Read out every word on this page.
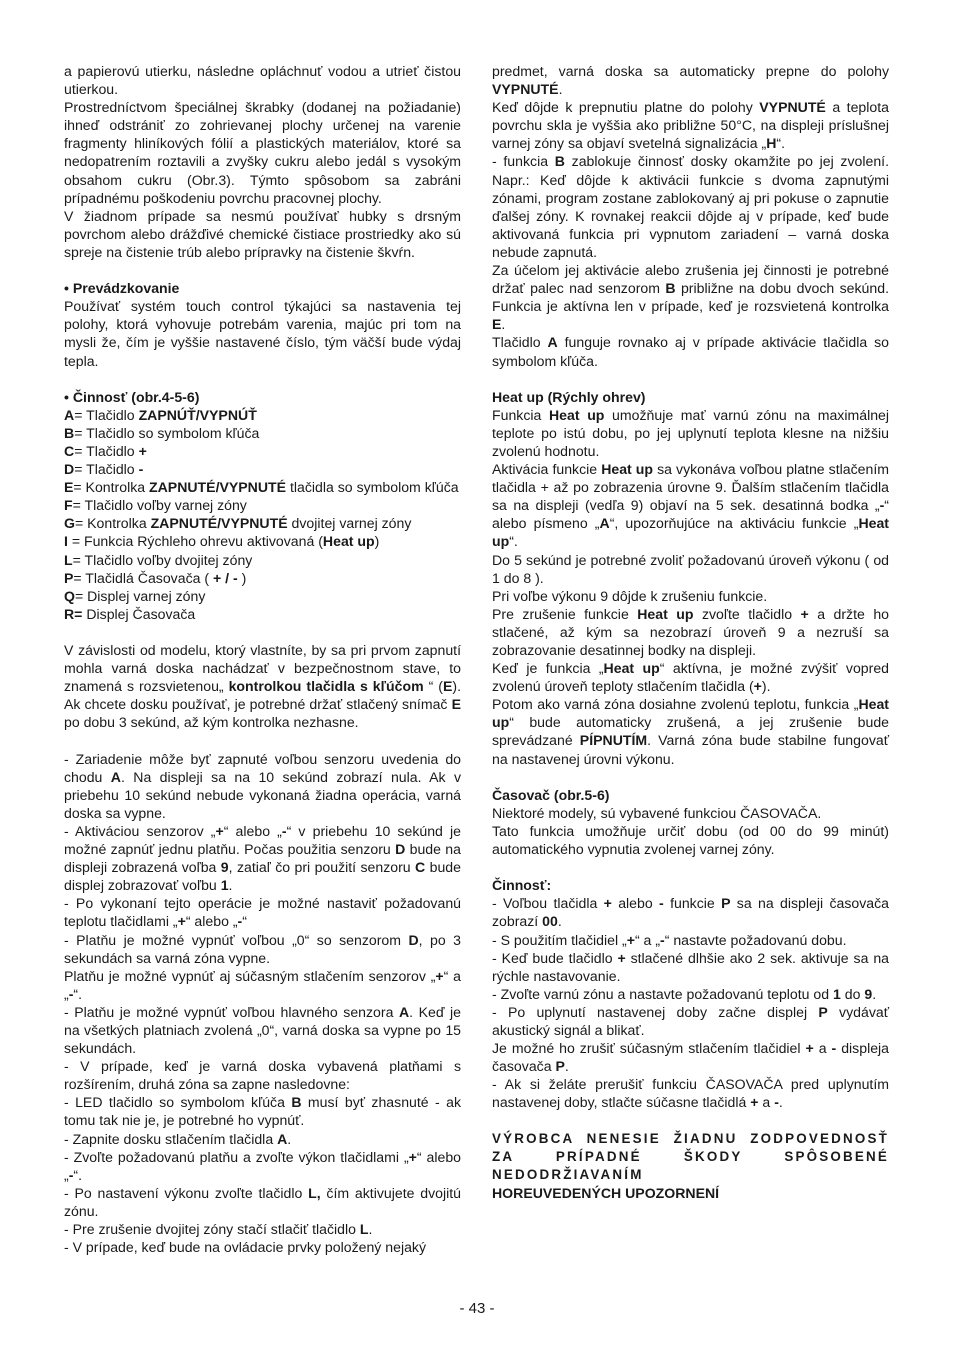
a papierovú utierku, následne opláchnuť vodou a utrieť čistou utierkou.

Prostredníctvom špeciálnej škrabky (dodanej na požiadanie) ihneď odstrániť zo zohrievanej plochy určenej na varenie fragmenty hliníkových fólií a plastických materiálov, ktoré sa nedopatrením roztavili a zvyšky cukru alebo jedál s vysokým obsahom cukru (Obr.3). Týmto spôsobom sa zabráni prípadnému poškodeniu povrchu pracovnej plochy.

V žiadnom prípade sa nesmú používať hubky s drsným povrchom alebo drážďivé chemické čistiace prostriedky ako sú spreje na čistenie trúb alebo prípravky na čistenie škvŕn.

• Prevádzkovanie

Používať systém touch control týkajúci sa nastavenia tej polohy, ktorá vyhovuje potrebám varenia, majúc pri tom na mysli že, čím je vyššie nastavené číslo, tým väčší bude výdaj tepla.

• Činnosť (obr.4-5-6)

A= Tlačidlo ZAPNÚŤ/VYPNÚŤ

B= Tlačidlo so symbolom kľúča

C= Tlačidlo +

D= Tlačidlo -

E= Kontrolka ZAPNUTÉ/VYPNUTÉ tlačidla so symbolom kľúča

F= Tlačidlo voľby varnej zóny

G= Kontrolka ZAPNUTÉ/VYPNUTÉ dvojitej varnej zóny

I = Funkcia Rýchleho ohrevu aktivovaná (Heat up)

L= Tlačidlo voľby dvojitej zóny

P= Tlačidlá Časovača ( + / - )

Q= Displej varnej zóny

R= Displej Časovača

V závislosti od modelu, ktorý vlastníte, by sa pri prvom zapnutí mohla varná doska nachádzať v bezpečnostnom stave, to znamená s rozsvietenou„ kontrolkou tlačidla s kľúčom “ (E). Ak chcete dosku používať, je potrebné držať stlačený snímač E po dobu 3 sekúnd, až kým kontrolka nezhasne.

- Zariadenie môže byť zapnuté voľbou senzoru uvedenia do chodu A. Na displeji sa na 10 sekúnd zobrazí nula. Ak v priebehu 10 sekúnd nebude vykonaná žiadna operácia, varná doska sa vypne.

- Aktiváciou senzorov „+“ alebo „-“ v priebehu 10 sekúnd je možné zapnúť jednu platňu. Počas použitia senzoru D bude na displeji zobrazená voľba 9, zatiaľ čo pri použití senzoru C bude displej zobrazovať voľbu 1.

- Po vykonaní tejto operácie je možné nastaviť požadovanú teplotu tlačidlami „+“ alebo „-“

- Platňu je možné vypnúť voľbou „0“ so senzorom D, po 3 sekundách sa varná zóna vypne.

Platňu je možné vypnúť aj súčasným stlačením senzorov „+“ a „-“.

- Platňu je možné vypnúť voľbou hlavného senzora A. Keď je na všetkých platniach zvolená „0“, varná doska sa vypne po 15 sekundách.

- V prípade, keď je varná doska vybavená platňami s rozšírením, druhá zóna sa zapne nasledovne:

- LED tlačidlo so symbolom kľúča B musí byť zhasnuté - ak tomu tak nie je, je potrebné ho vypnúť.

- Zapnite dosku stlačením tlačidla A.

- Zvoľte požadovanú platňu a zvoľte výkon tlačidlami „+“ alebo „-“.

- Po nastavení výkonu zvoľte tlačidlo L, čím aktivujete dvojitú zónu.

- Pre zrušenie dvojitej zóny stačí stlačiť tlačidlo L.

- V prípade, keď bude na ovládacie prvky položený nejaký

predmet, varná doska sa automaticky prepne do polohy VYPNUTÉ.

Keď dôjde k prepnutiu platne do polohy VYPNUTÉ a teplota povrchu skla je vyššia ako približne 50°C, na displeji príslušnej varnej zóny sa objaví svetelná signalizácia „H“.

- funkcia B zablokuje činnosť dosky okamžite po jej zvolení. Napr.: Keď dôjde k aktivácii funkcie s dvoma zapnutými zónami, program zostane zablokovaný aj pri pokuse o zapnutie ďalšej zóny. K rovnakej reakcii dôjde aj v prípade, keď bude aktivovaná funkcia pri vypnutom zariadení – varná doska nebude zapnutá.

Za účelom jej aktivácie alebo zrušenia jej činnosti je potrebné držať palec nad senzorom B približne na dobu dvoch sekúnd. Funkcia je aktívna len v prípade, keď je rozsvietená kontrolka E.

Tlačidlo A funguje rovnako aj v prípade aktivácie tlačidla so symbolom kľúča.

Heat up (Rýchly ohrev)

Funkcia Heat up umožňuje mať varnú zónu na maximálnej teplote po istú dobu, po jej uplynutí teplota klesne na nižšiu zvolenú hodnotu.

Aktivácia funkcie Heat up sa vykonáva voľbou platne stlačením tlačidla + až po zobrazenia úrovne 9. Ďalším stlačením tlačidla sa na displeji (vedľa 9) objaví na 5 sek. desatinná bodka „-“ alebo písmeno „A“, upozorňujúce na aktiváciu funkcie „Heat up“.

Do 5 sekúnd je potrebné zvoliť požadovanú úroveň výkonu ( od 1 do 8 ).

Pri voľbe výkonu 9 dôjde k zrušeniu funkcie.

Pre zrušenie funkcie Heat up zvoľte tlačidlo + a držte ho stlačené, až kým sa nezobrazí úroveň 9 a nezruší sa zobrazovanie desatinnej bodky na displeji.

Keď je funkcia „Heat up“ aktívna, je možné zvýšiť vopred zvolenú úroveň teploty stlačením tlačidla (+).

Potom ako varná zóna dosiahne zvolenú teplotu, funkcia „Heat up“ bude automaticky zrušená, a jej zrušenie bude sprevádzané PÍPNUTÍM. Varná zóna bude stabilne fungovať na nastavenej úrovni výkonu.

Časovač (obr.5-6)

Niektoré modely, sú vybavené funkciou ČASOVAČA.

Tato funkcia umožňuje určiť dobu (od 00 do 99 minút) automatického vypnutia zvolenej varnej zóny.

Činnosť:

- Voľbou tlačidla + alebo - funkcie P sa na displeji časovača zobrazí 00.

- S použitím tlačidiel „+“ a „-“ nastavte požadovanú dobu.

- Keď bude tlačidlo + stlačené dlhšie ako 2 sek. aktivuje sa na rýchle nastavovanie.

- Zvoľte varnú zónu a nastavte požadovanú teplotu od 1 do 9.

- Po uplynutí nastavenej doby začne displej P vydávať akustický signál a blikať.

Je možné ho zrušiť súčasným stlačením tlačidiel + a - displeja časovača P.

- Ak si želáte prerušiť funkciu ČASOVAČA pred uplynutím nastavenej doby, stlačte súčasne tlačidlá + a -.

VÝROBCA NENESIE ŽIADNU ZODPOVEDNOSŤ ZA PRÍPADNÉ ŠKODY SPÔSOBENÉ NEDODRŽIAVANÍM

HOREUVEDENÝCH UPOZORNENÍ

- 43 -
